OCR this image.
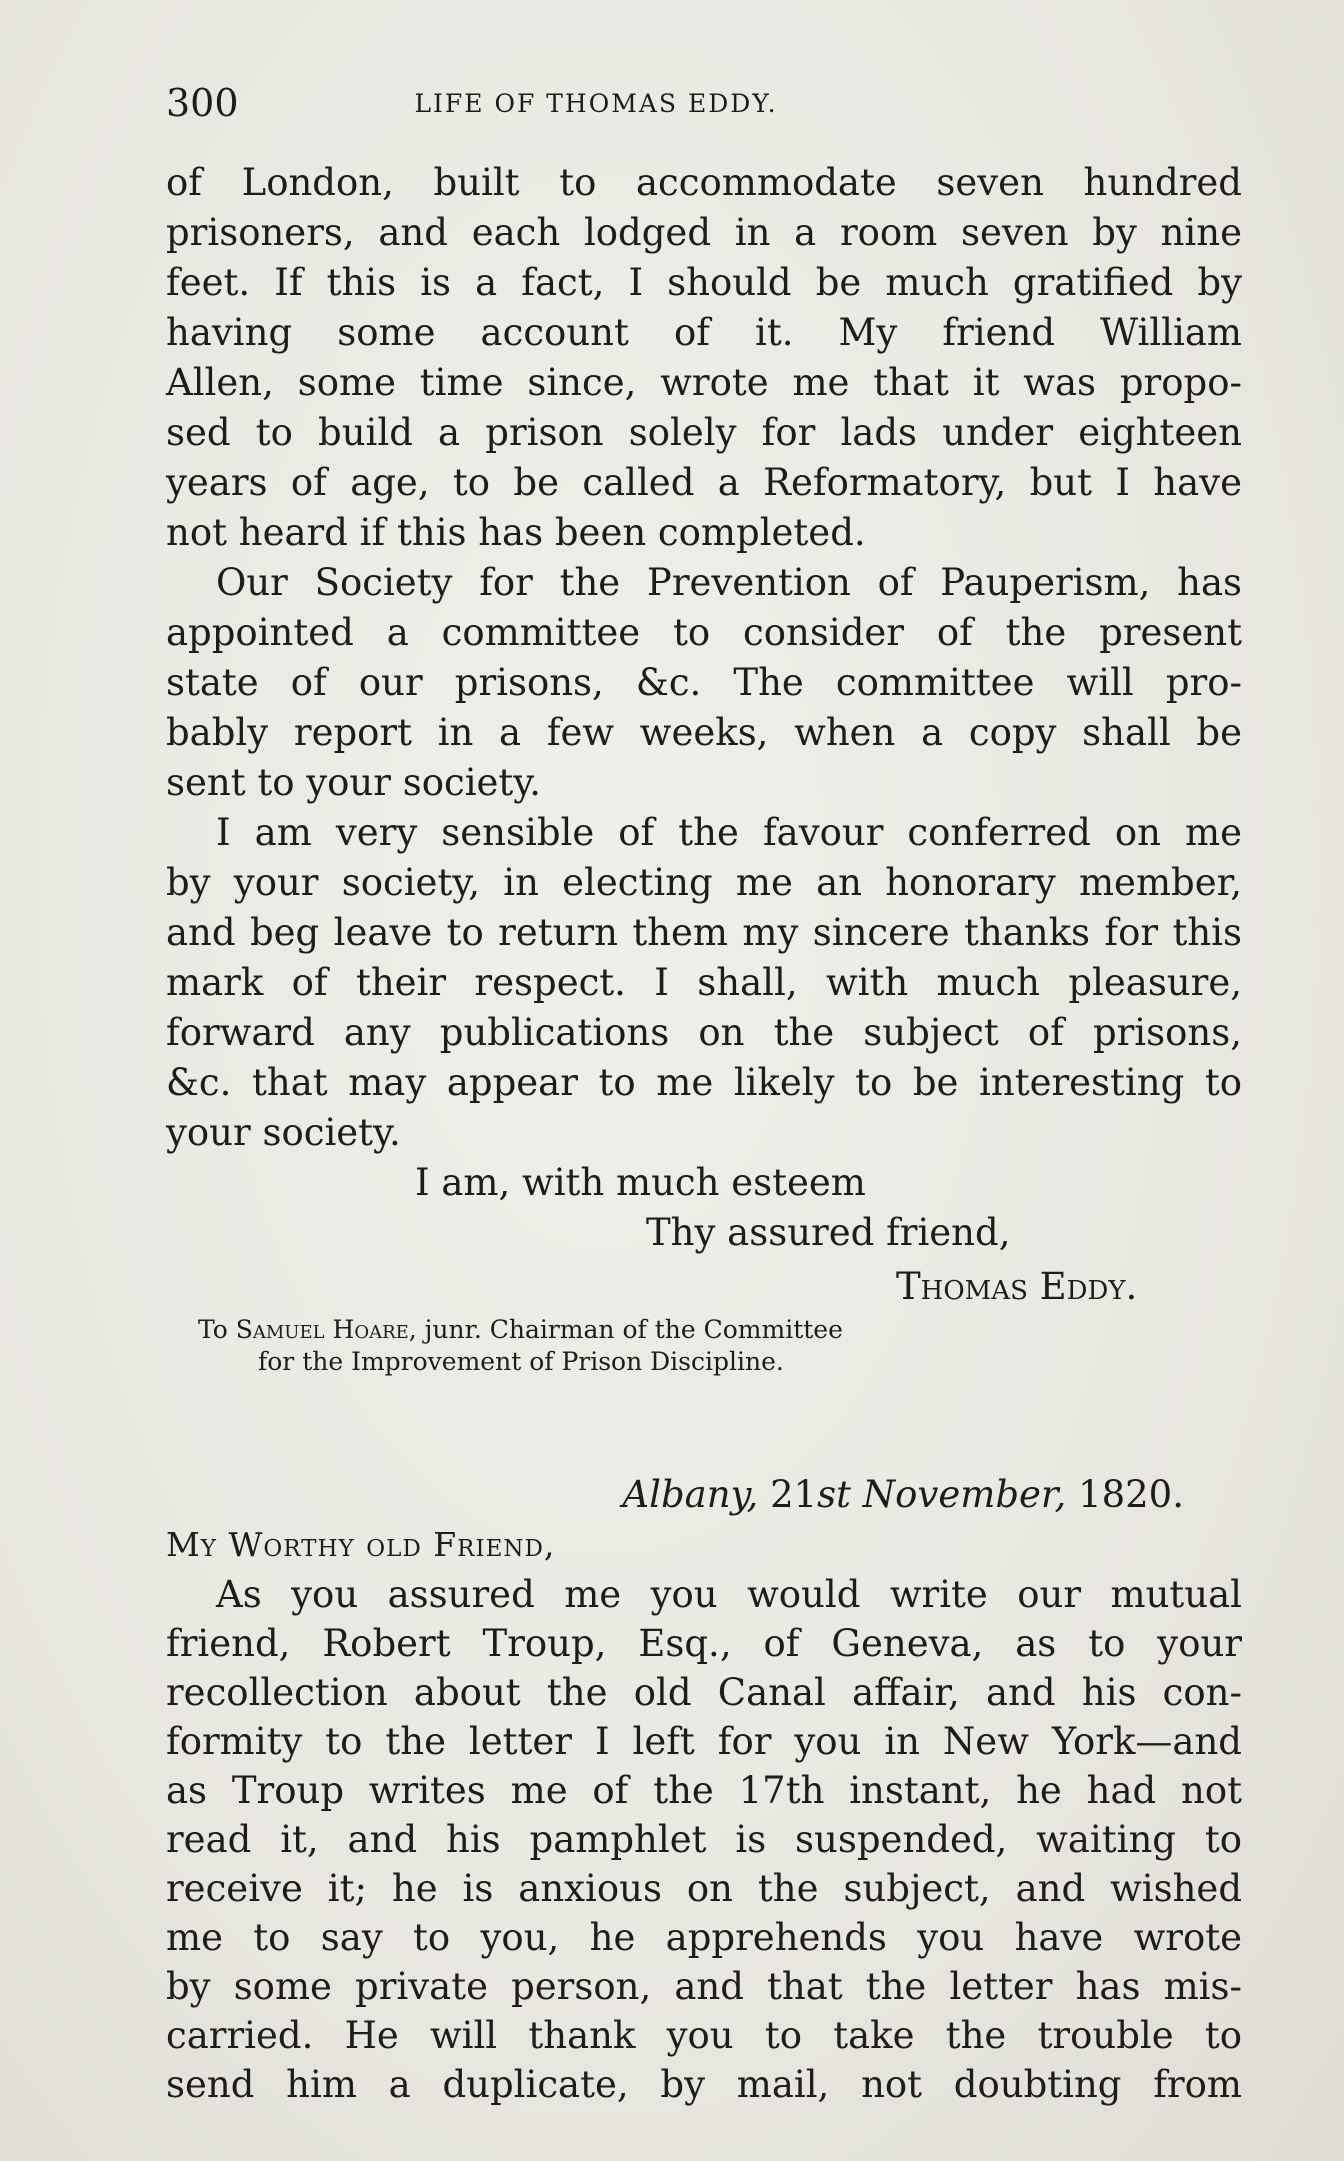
300	LIFE OF THOMAS EDDY.
of London, built to accommodate seven hundred
prisoners, and each lodged in a room seven by nine
feet. If this is a fact, I should be much gratified by
having some account of it. My friend William
Allen, some time since, wrote me that it was propo-
sed to build a prison solely for lads under eighteen
years of age, to be called a Reformatory, but I have
not heard if this has been completed.
Our Society for the Prevention of Pauperism, has
appointed a committee to consider of the present
state of our prisons, &c. The committee will pro-
bably report in a few weeks, when a copy shall be
sent to your society.
I am very sensible of the favour conferred on me
by your society, in electing me an honorary member,
and beg leave to return them my sincere thanks for this
mark of their respect. I shall, with much pleasure,
forward any publications on the subject of prisons,
&c. that may appear to me likely to be interesting to
your society.
I am, with much esteem
Thy assured friend,
Thomas Eddy.
To Samuel Hoare, junr. Chairman of the Committee
for the Improvement of Prison Discipline.
Albany, 21st November, 1820.
My Worthy old Friend,
As you assured me you would write our mutual
friend, Robert Troup, Esq., of Geneva, as to your
recollection about the old Canal affair, and his con-
formity to the letter I left for you in New York—and
as Troup writes me of the 17th instant, he had not
read it, and his pamphlet is suspended, waiting to
receive it; he is anxious on the subject, and wished
me to say to you, he apprehends you have wrote
by some private person, and that the letter has mis-
carried. He will thank you to take the trouble to
send him a duplicate, by mail, not doubting from
